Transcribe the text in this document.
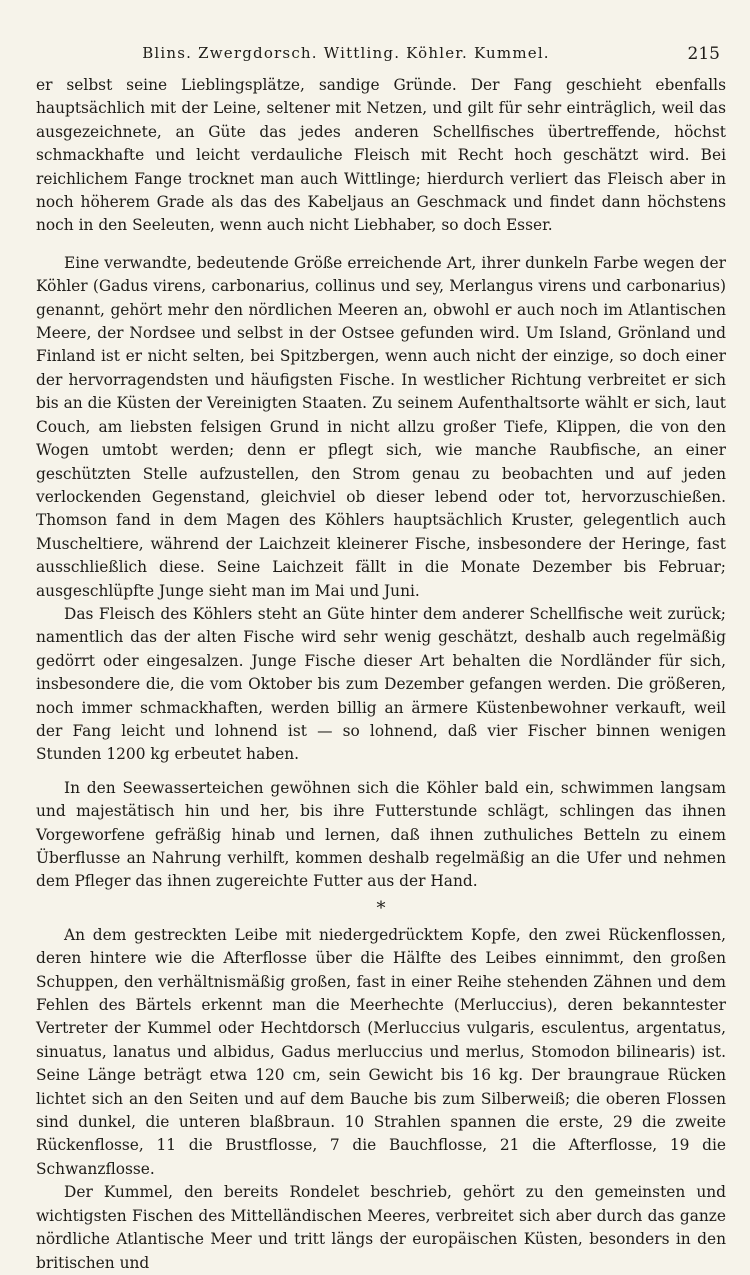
Blins. Zwergdorsch. Wittling. Köhler. Kummel.	215

er selbst seine Lieblingsplätze, sandige Gründe. Der Fang geschieht ebenfalls hauptsächlich mit der Leine, seltener mit Netzen, und gilt für sehr einträglich, weil das ausgezeichnete, an Güte das jedes anderen Schellfisches übertreffende, höchst schmackhafte und leicht verdauliche Fleisch mit Recht hoch geschätzt wird. Bei reichlichem Fange trocknet man auch Wittlinge; hierdurch verliert das Fleisch aber in noch höherem Grade als das des Kabeljaus an Geschmack und findet dann höchstens noch in den Seeleuten, wenn auch nicht Liebhaber, so doch Esser.

Eine verwandte, bedeutende Größe erreichende Art, ihrer dunkeln Farbe wegen der Köhler (Gadus virens, carbonarius, collinus und sey, Merlangus virens und carbonarius) genannt, gehört mehr den nördlichen Meeren an, obwohl er auch noch im Atlantischen Meere, der Nordsee und selbst in der Ostsee gefunden wird. Um Island, Grönland und Finland ist er nicht selten, bei Spitzbergen, wenn auch nicht der einzige, so doch einer der hervorragendsten und häufigsten Fische. In westlicher Richtung verbreitet er sich bis an die Küsten der Vereinigten Staaten. Zu seinem Aufenthaltsorte wählt er sich, laut Couch, am liebsten felsigen Grund in nicht allzu großer Tiefe, Klippen, die von den Wogen umtobt werden; denn er pflegt sich, wie manche Raubfische, an einer geschützten Stelle aufzustellen, den Strom genau zu beobachten und auf jeden verlockenden Gegenstand, gleichviel ob dieser lebend oder tot, hervorzuschießen. Thomson fand in dem Magen des Köhlers hauptsächlich Kruster, gelegentlich auch Muscheltiere, während der Laichzeit kleinerer Fische, insbesondere der Heringe, fast ausschließlich diese. Seine Laichzeit fällt in die Monate Dezember bis Februar; ausgeschlüpfte Junge sieht man im Mai und Juni.

Das Fleisch des Köhlers steht an Güte hinter dem anderer Schellfische weit zurück; namentlich das der alten Fische wird sehr wenig geschätzt, deshalb auch regelmäßig gedörrt oder eingesalzen. Junge Fische dieser Art behalten die Nordländer für sich, insbesondere die, die vom Oktober bis zum Dezember gefangen werden. Die größeren, noch immer schmackhaften, werden billig an ärmere Küstenbewohner verkauft, weil der Fang leicht und lohnend ist — so lohnend, daß vier Fischer binnen wenigen Stunden 1200 kg erbeutet haben.

In den Seewasserteichen gewöhnen sich die Köhler bald ein, schwimmen langsam und majestätisch hin und her, bis ihre Futterstunde schlägt, schlingen das ihnen Vorgeworfene gefräßig hinab und lernen, daß ihnen zuthuliches Betteln zu einem Überflusse an Nahrung verhilft, kommen deshalb regelmäßig an die Ufer und nehmen dem Pfleger das ihnen zugereichte Futter aus der Hand.

*

An dem gestreckten Leibe mit niedergedrücktem Kopfe, den zwei Rückenflossen, deren hintere wie die Afterflosse über die Hälfte des Leibes einnimmt, den großen Schuppen, den verhältnismäßig großen, fast in einer Reihe stehenden Zähnen und dem Fehlen des Bärtels erkennt man die Meerhechte (Merluccius), deren bekanntester Vertreter der Kummel oder Hechtdorsch (Merluccius vulgaris, esculentus, argentatus, sinuatus, lanatus und albidus, Gadus merluccius und merlus, Stomodon bilinearis) ist. Seine Länge beträgt etwa 120 cm, sein Gewicht bis 16 kg. Der braungraue Rücken lichtet sich an den Seiten und auf dem Bauche bis zum Silberweiß; die oberen Flossen sind dunkel, die unteren blaßbraun. 10 Strahlen spannen die erste, 29 die zweite Rückenflosse, 11 die Brustflosse, 7 die Bauchflosse, 21 die Afterflosse, 19 die Schwanzflosse.

Der Kummel, den bereits Rondelet beschrieb, gehört zu den gemeinsten und wichtigsten Fischen des Mittelländischen Meeres, verbreitet sich aber durch das ganze nördliche Atlantische Meer und tritt längs der europäischen Küsten, besonders in den britischen und
